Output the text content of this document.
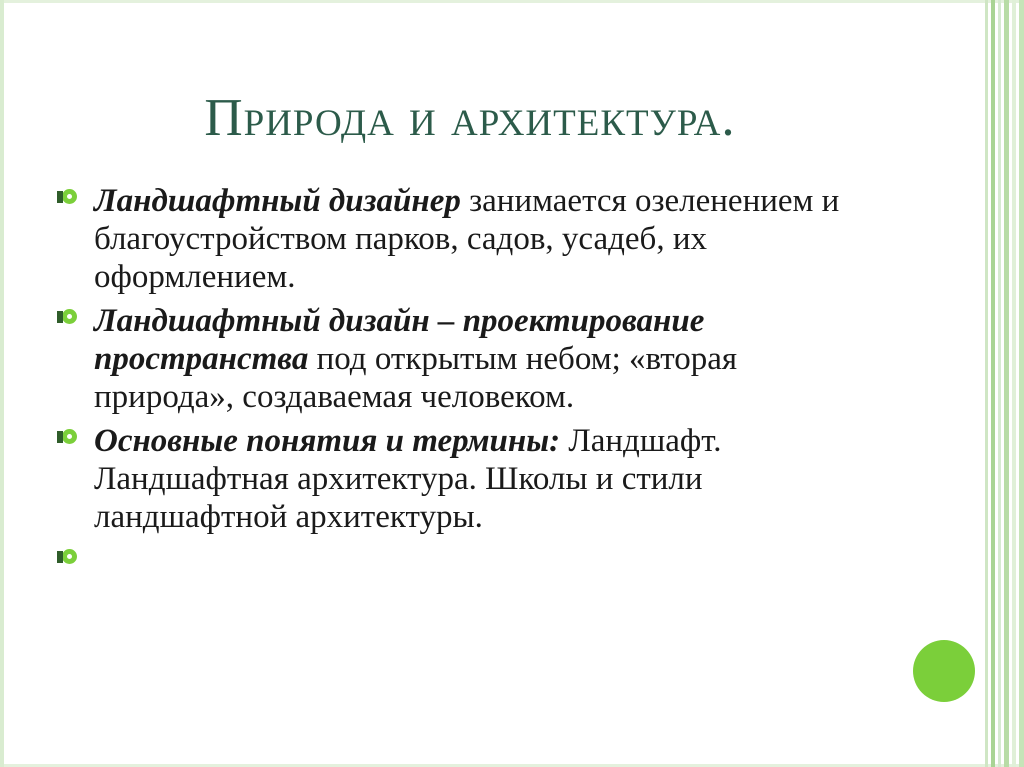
Природа и архитектура.
Ландшафтный дизайнер занимается озеленением и благоустройством парков, садов, усадеб, их оформлением.
Ландшафтный дизайн – проектирование пространства под открытым небом; «вторая природа», создаваемая человеком.
Основные понятия и термины: Ландшафт. Ландшафтная архитектура. Школы и стили ландшафтной архитектуры.
